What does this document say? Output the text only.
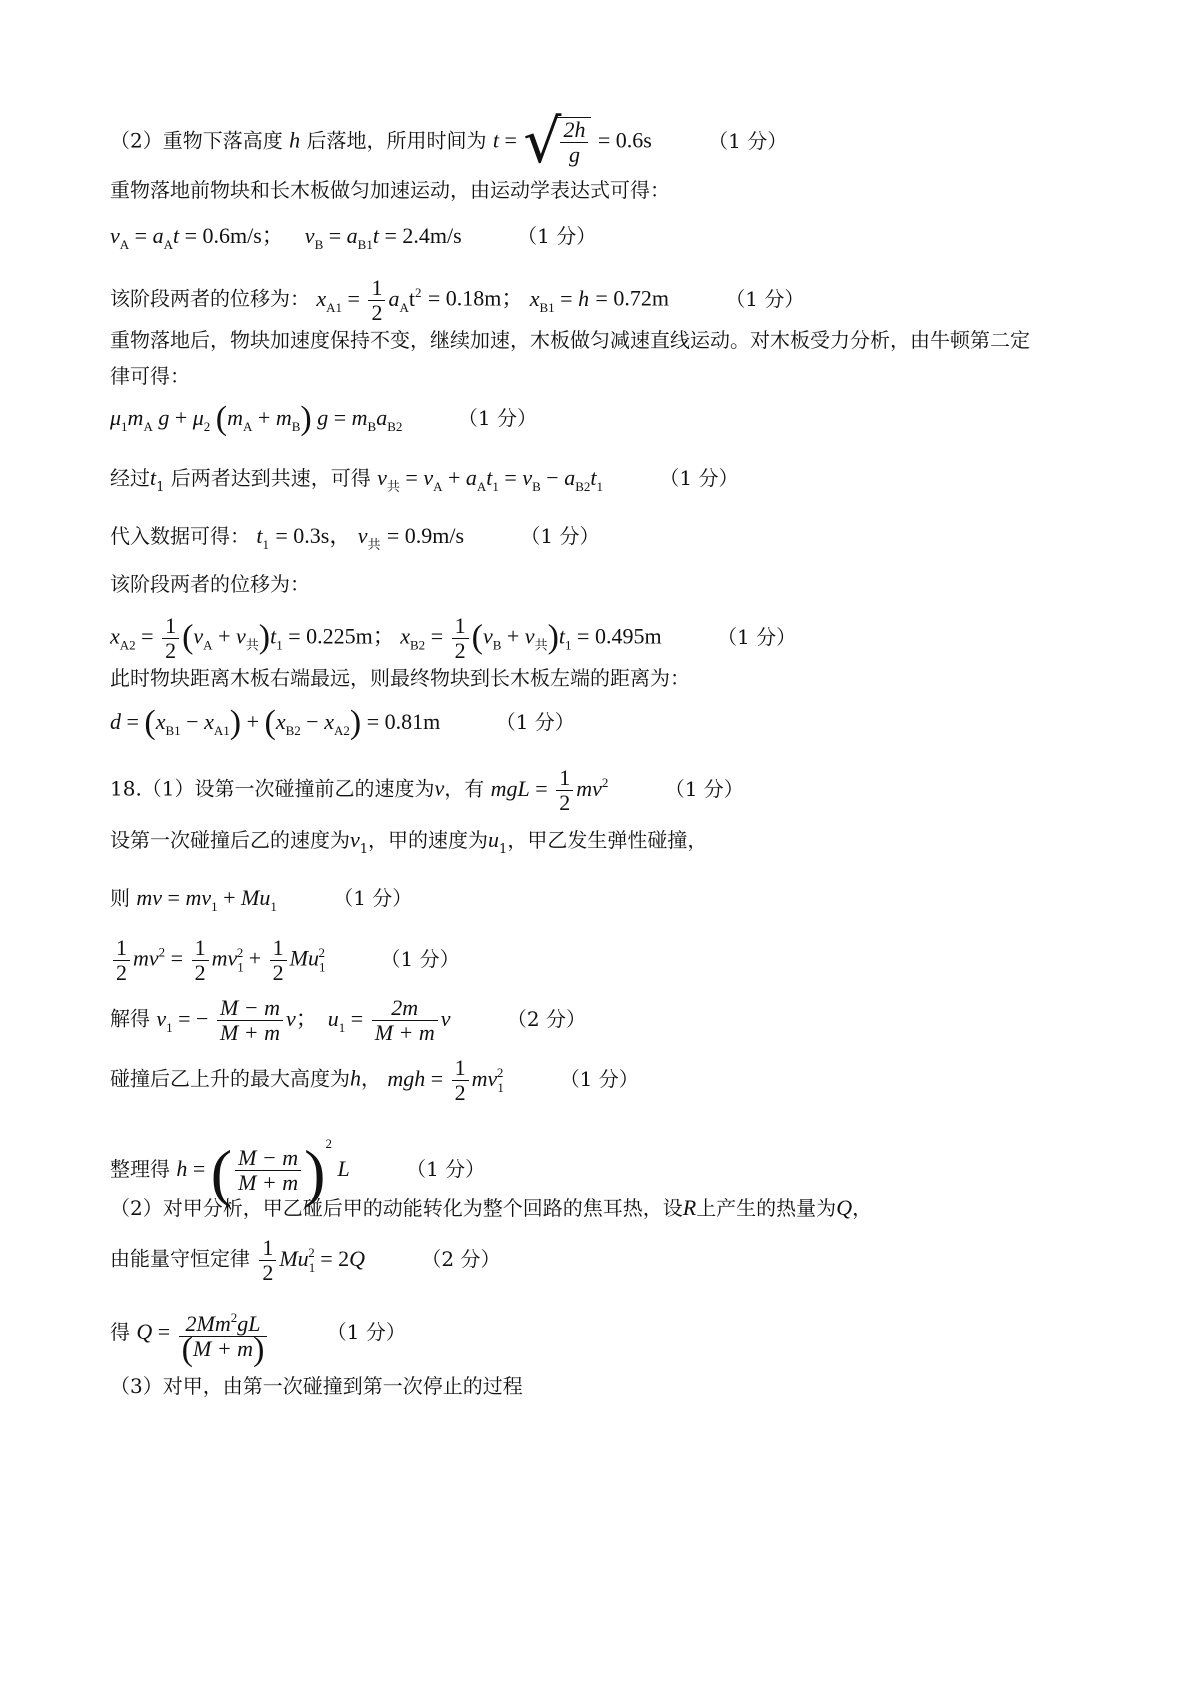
（2）重物下落高度 h 后落地，所用时间为 t = √ $\frac{2h}{g} = 0.6s$	（1 分）
重物落地前物块和长木板做匀加速运动，由运动学表达式可得：
$v_A = a_At = 0.6m/s$； $v_B = a_{B1}t = 2.4m/s$	（1 分）
该阶段两者的位移为： $x_{A1} = \frac{1}{2} a_At^2 = 0.18m$； $x_{B1} = h = 0.72m$	（1 分）
重物落地后，物块加速度保持不变，继续加速，木板做匀减速直线运动。对木板受力分析，由牛顿第二定
律可得：
$\mu_1m_A$ $g + \mu_2$ $(m_A + m_B) g = m_Ba_{B2}$	（1 分）
经过$t_1$ 后两者达到共速，可得 $v_共 = v_A + a_At_1 = v_B - a_{B2}t_1$	（1 分）
代入数据可得： $t_1 = 0.3s$， $v_共 = 0.9m/s$	（1 分）
该阶段两者的位移为：
$x_{A2} = \frac{1}{2} (v_A + v_共)t_1 = 0.225m$； $x_{B2} = \frac{1}{2} (v_B + v_共)t_1 = 0.495m$	（1 分）
此时物块距离木板右端最远，则最终物块到长木板左端的距离为：
$d = (x_{B1} - x_{A1}) + (x_{B2} - x_{A2}) = 0.81m$	（1 分）
18.（1）设第一次碰撞前乙的速度为v，有 mgL = $\frac{1}{2} mv^2$	（1 分）
设第一次碰撞后乙的速度为$v_1$，甲的速度为$u_1$，甲乙发生弹性碰撞，
则 mv = $mv_1 + Mu_1$	（1 分）
$\frac{1}{2} mv^2 = \frac{1}{2} mv_1^2 + \frac{1}{2} Mu_1^2$	（1 分）
解得 $v_1$ = − $\frac{M - m}{M + m}$ v； $u_1 = \frac{2m}{M + m}$ v	（2 分）
碰撞后乙上升的最大高度为h， mgh = $\frac{1}{2} mv_1^2$	（1 分）
整理得 h = ( $\frac{M - m}{M + m} )^2$ L	（1 分）
（2）对甲分析，甲乙碰后甲的动能转化为整个回路的焦耳热，设R上产生的热量为Q，
由能量守恒定律 $\frac{1}{2} Mu_1^2 = 2Q$	（2 分）
得 $Q = \frac{2Mm^2gL}{(M + m)}$	（1 分）
（3）对甲，由第一次碰撞到第一次停止的过程
